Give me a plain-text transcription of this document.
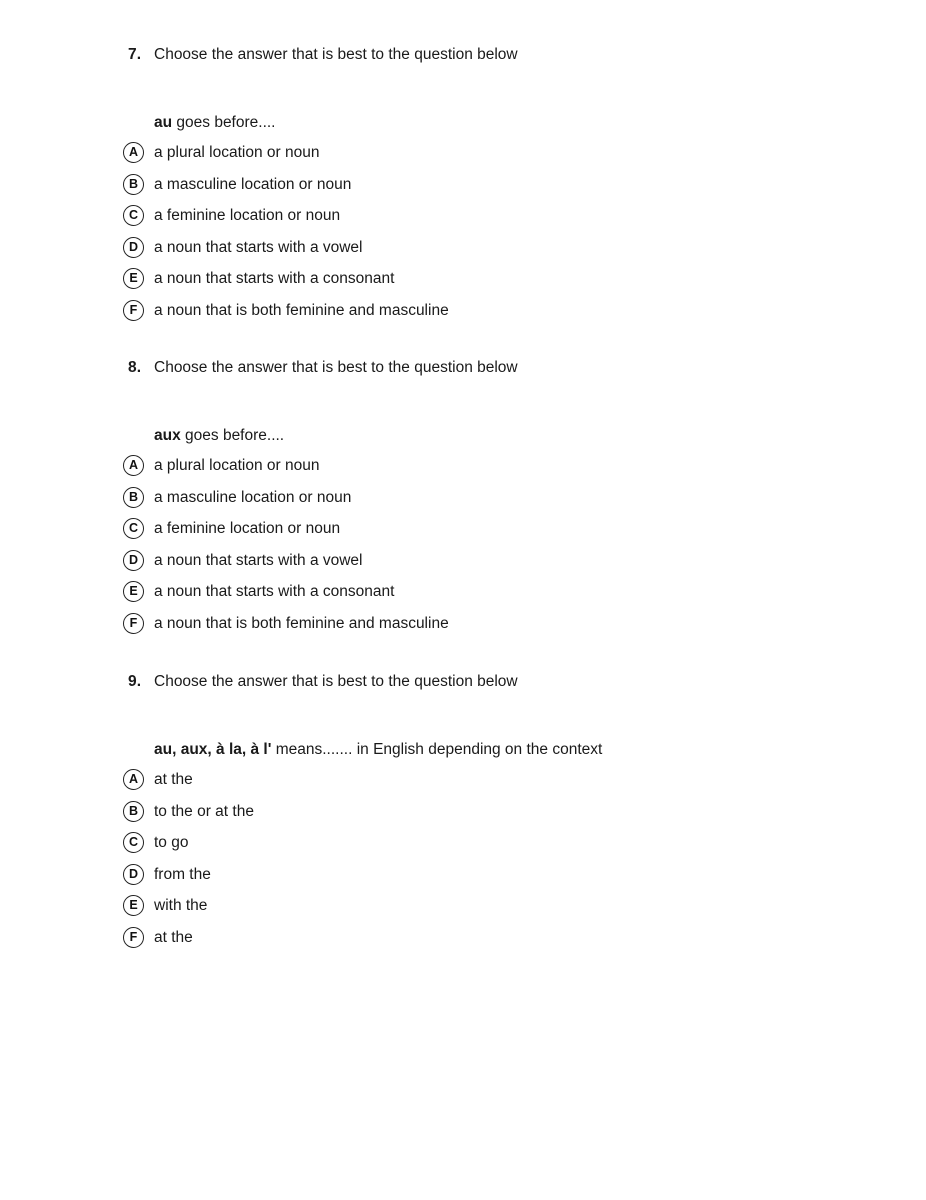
7. Choose the answer that is best to the question below
au goes before....
A	a plural location or noun
B	a masculine location or noun
C	a feminine location or noun
D	a noun that starts with a vowel
E	a noun that starts with a consonant
F	a noun that is both feminine and masculine
8. Choose the answer that is best to the question below
aux goes before....
A	a plural location or noun
B	a masculine location or noun
C	a feminine location or noun
D	a noun that starts with a vowel
E	a noun that starts with a consonant
F	a noun that is both feminine and masculine
9. Choose the answer that is best to the question below
au, aux, à la, à l' means....... in English depending on the context
A	at the
B	to the or at the
C	to go
D	from the
E	with the
F	at the
